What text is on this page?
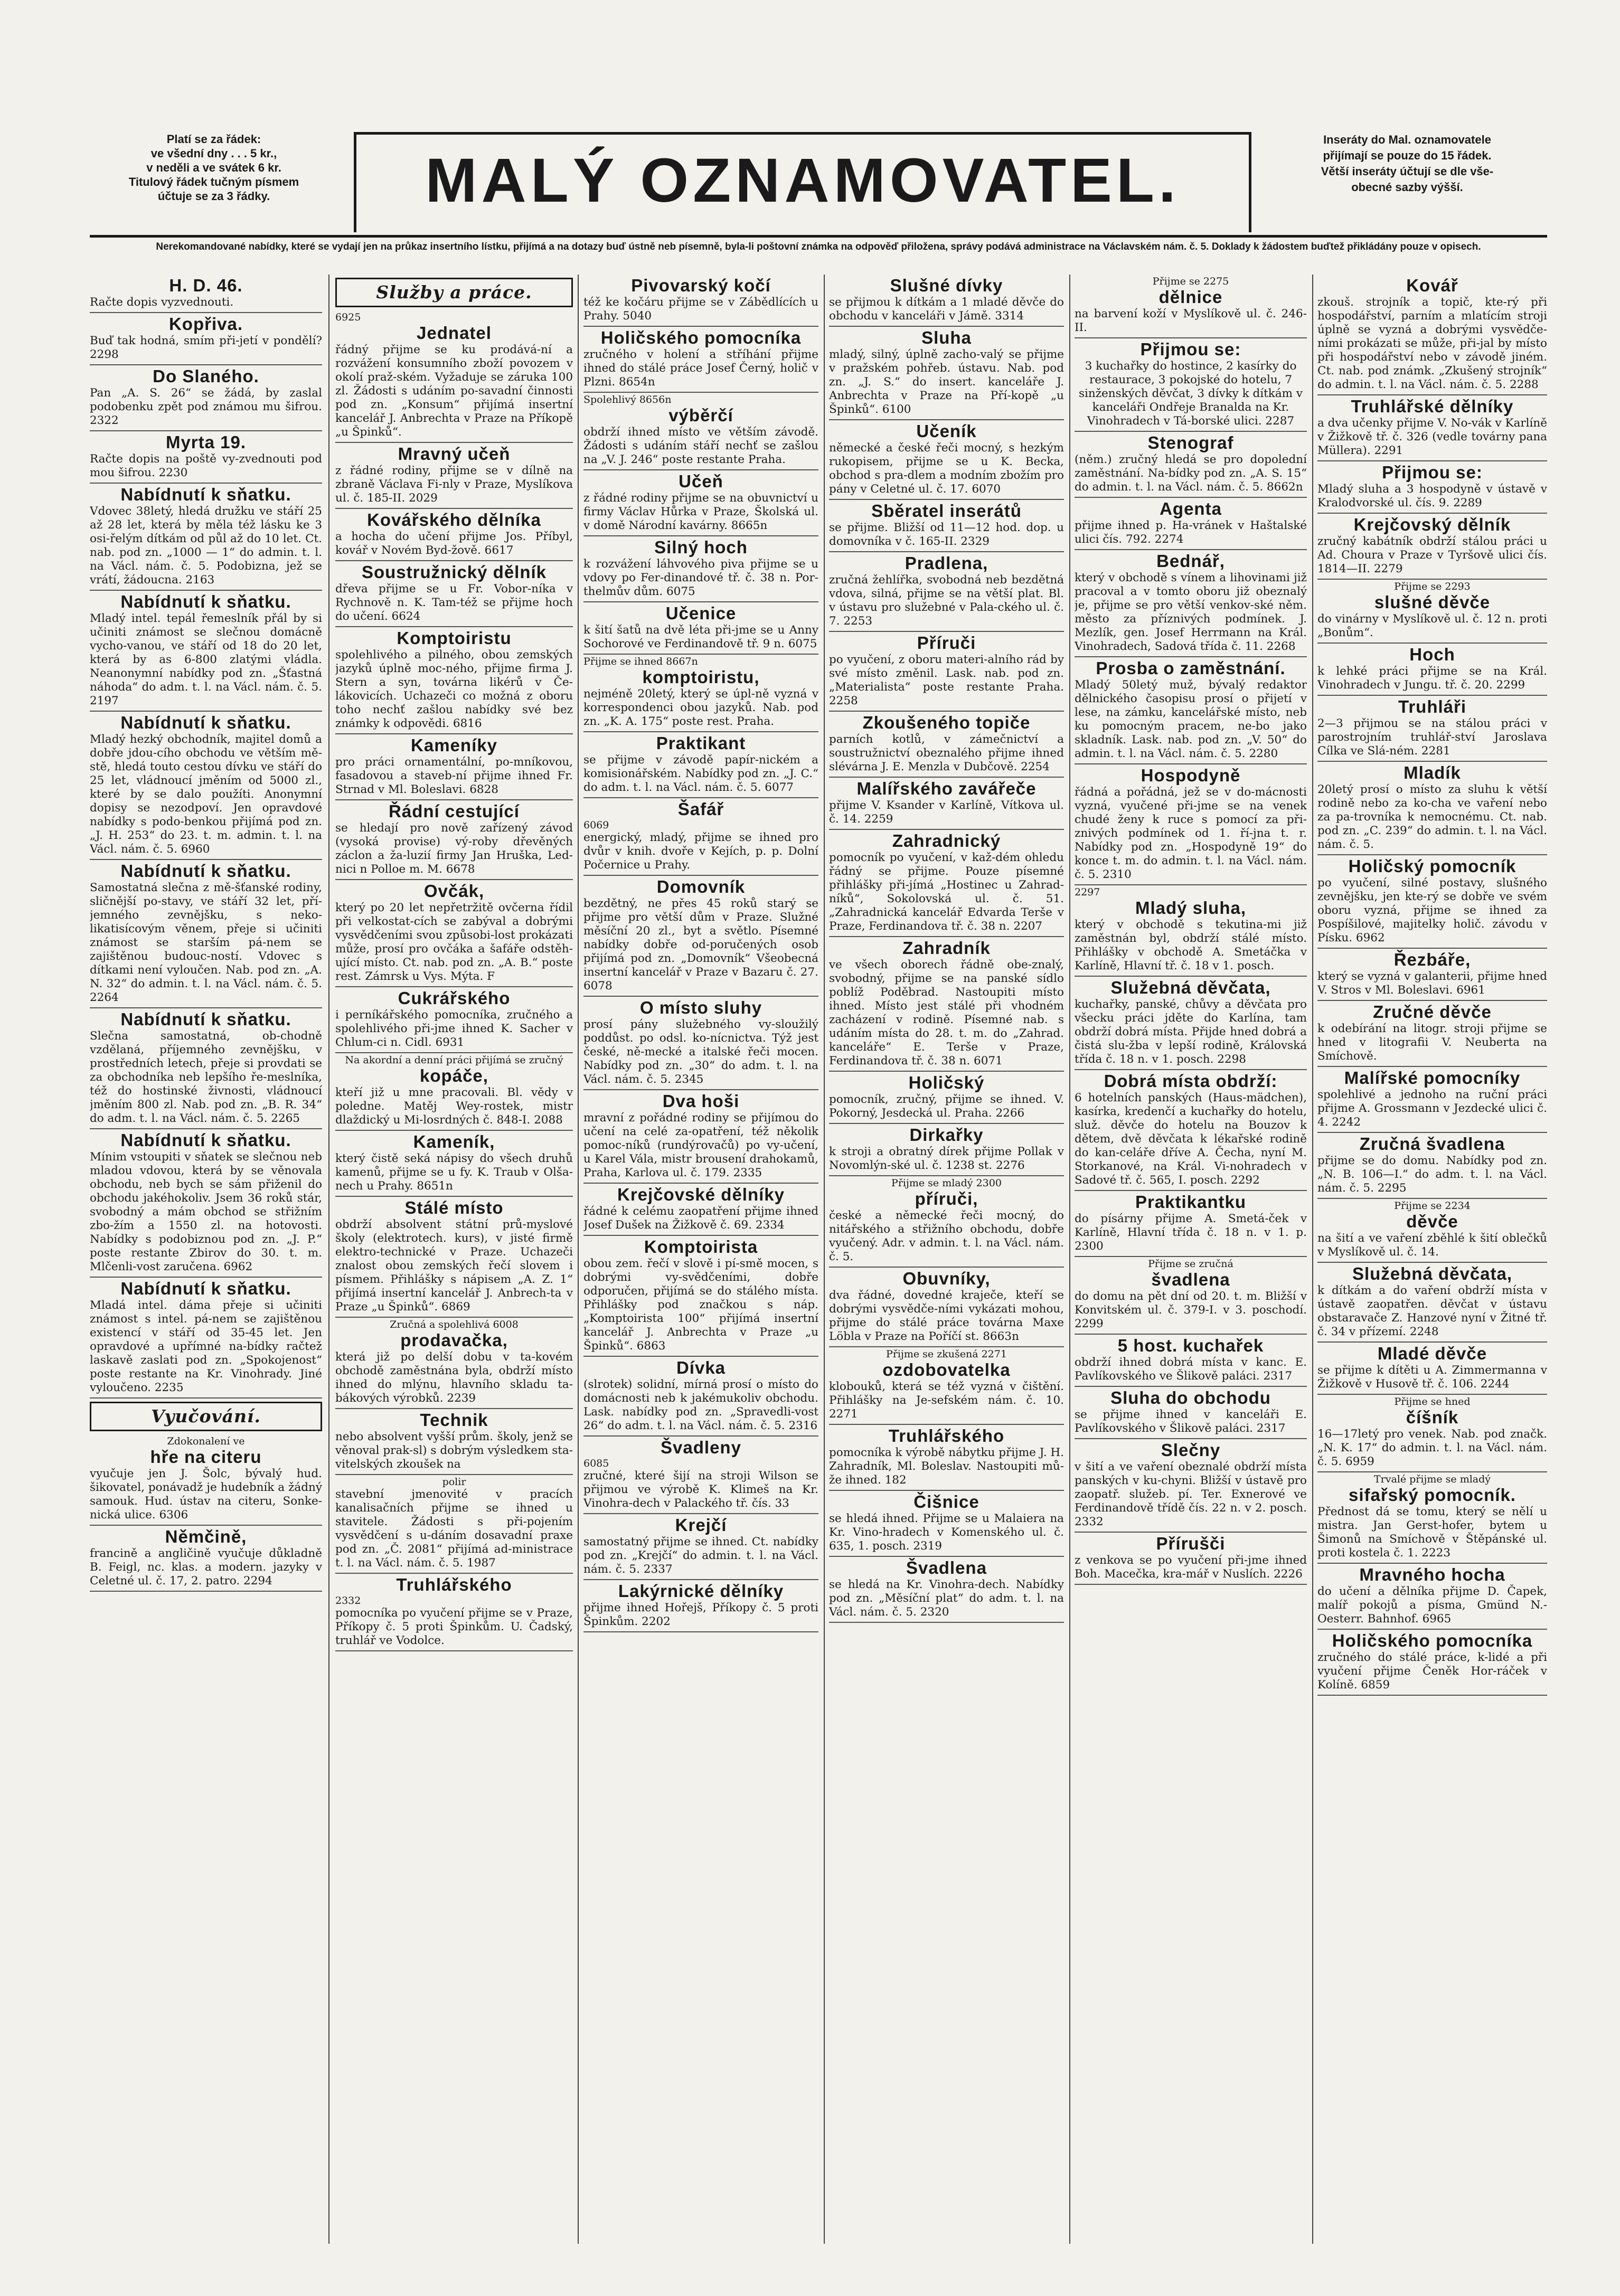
Platí se za řádek:
ve všední dny . . . 5 kr.,
v neděli a ve svátek 6 kr.
Titulový řádek tučným písmem
účtuje se za 3 řádky.	MALÝ OZNAMOVATEL.
Inseráty do Mal. oznamovatele
přijímají se pouze do 15 řádek.
Větší inseráty účtují se dle vše-
obecné sazby výšší.
Nerekomandované nabídky, které se vydají jen na průkaz insertního lístku, přijímá a na dotazy buď ústně neb písemně, byla-li poštovní známka na odpověď přiložena, správy podává administrace na Václavském nám. č. 5. Doklady k žádostem buďtež přikládány pouze v opisech.
H. D. 46.

Račte dopis vyzvednouti.

Kopřiva.

Buď tak hodná, smím při-jetí v pondělí? 2298

Do Slaného.

Pan „A. S. 26“ se žádá, by zaslal podobenku zpět pod známou mu šifrou. 2322

Myrta 19.

Račte dopis na poště vy-zvednouti pod mou šifrou. 2230

Nabídnutí k sňatku.

Vdovec 38letý, hledá družku ve stáří 25 až 28 let, která by měla též lásku ke 3 osi-řelým dítkám od půl až do 10 let. Ct. nab. pod zn. „1000 — 1“ do admin. t. l. na Václ. nám. č. 5. Podobizna, jež se vrátí, žádoucna. 2163

Nabídnutí k sňatku.

Mladý intel. tepál řemeslník přál by si učiniti známost se slečnou domácně vycho-vanou, ve stáří od 18 do 20 let, která by as 6-800 zlatými vládla. Neanonymní nabídky pod zn. „Šťastná náhoda“ do adm. t. l. na Václ. nám. č. 5. 2197

Nabídnutí k sňatku.

Mladý hezký obchodník, majitel domů a dobře jdou-cího obchodu ve větším mě-stě, hledá touto cestou dívku ve stáří do 25 let, vládnoucí jměním od 5000 zl., které by se dalo použíti. Anonymní dopisy se nezodpoví. Jen opravdové nabídky s podo-benkou přijímá pod zn. „J. H. 253“ do 23. t. m. admin. t. l. na Václ. nám. č. 5. 6960

Nabídnutí k sňatku.

Samostatná slečna z mě-šťanské rodiny, sličnější po-stavy, ve stáří 32 let, pří-jemného zevnějšku, s neko-likatisícovým věnem, přeje si učiniti známost se starším pá-nem se zajištěnou budouc-ností. Vdovec s dítkami není vyloučen. Nab. pod zn. „A. N. 32“ do admin. t. l. na Václ. nám. č. 5. 2264

Nabídnutí k sňatku.

Slečna samostatná, ob-chodně vzdělaná, příjemného zevnějšku, v prostředních letech, přeje si provdati se za obchodníka neb lepšího ře-meslníka, též do hostinské živnosti, vládnoucí jměním 800 zl. Nab. pod zn. „B. R. 34“ do adm. t. l. na Václ. nám. č. 5. 2265

Nabídnutí k sňatku.

Mínim vstoupiti v sňatek se slečnou neb mladou vdovou, která by se věnovala obchodu, neb bych se sám přiženil do obchodu jakéhokoliv. Jsem 36 roků stár, svobodný a mám obchod se střižním zbo-žím a 1550 zl. na hotovosti. Nabídky s podobiznou pod zn. „J. P.“ poste restante Zbirov do 30. t. m. Mlčenli-vost zaručena. 6962

Nabídnutí k sňatku.

Mladá intel. dáma přeje si učiniti známost s intel. pá-nem se zajištěnou existencí v stáří od 35-45 let. Jen opravdové a upřímné na-bídky račtež laskavě zaslati pod zn. „Spokojenost“ poste restante na Kr. Vinohrady. Jiné vyloučeno. 2235

Vyučování.

Zdokonalení ve

hře na citeru

vyučuje jen J. Šolc, bývalý hud. šikovatel, ponávadž je hudebník a žádný samouk. Hud. ústav na citeru, Sonke-nická ulice. 6306

Němčině,

francině a angličině vyučuje důkladně B. Feigl, nc. klas. a modern. jazyky v Celetné ul. č. 17, 2. patro. 2294

Služby a práce.

6925

Jednatel

řádný přijme se ku prodává-ní a rozvážení konsumního zboží povozem v okolí praž-ském. Vyžaduje se záruka 100 zl. Žádosti s udáním po-savadní činnosti pod zn. „Konsum“ přijímá insertní kancelář J. Anbrechta v Praze na Příkopě „u Špinků“.

Mravný učeň

z řádné rodiny, přijme se v dílně na zbraně Václava Fi-nly v Praze, Myslíkova ul. č. 185-II. 2029

Kovářského dělníka

a hocha do učení přijme Jos. Příbyl, kovář v Novém Byd-žově. 6617

Soustružnický dělník

dřeva přijme se u Fr. Vobor-níka v Rychnově n. K. Tam-též se přijme hoch do učení. 6624

Komptoiristu

spolehlivého a pilného, obou zemských jazyků úplně moc-ného, přijme firma J. Stern a syn, továrna likérů v Če-lákovicích. Uchazeči co možná z oboru toho nechť zašlou nabídky své bez známky k odpovědi. 6816

Kameníky

pro práci ornamentální, po-mníkovou, fasadovou a staveb-ní přijme ihned Fr. Strnad v Ml. Boleslavi. 6828

Řádní cestující

se hledají pro nově zařízený závod (vysoká provise) vý-roby dřevěných záclon a ža-luzií firmy Jan Hruška, Led-nici n Polloe m. M. 6678

Ovčák,

který po 20 let nepřetržitě ovčerna řídil při velkostat-cích se zabýval a dobrými vysvědčeními svou způsobi-lost prokázati může, prosí pro ovčáka a šafáře odstěh-ující místo. Ct. nab. pod zn. „A. B.“ poste rest. Zámrsk u Vys. Mýta. F

Cukrářského

i perníkářského pomocníka, zručného a spolehlivého při-jme ihned K. Sacher v Chlum-ci n. Cidl. 6931

Na akordní a denní práci přijímá se zručný

kopáče,

kteří již u mne pracovali. Bl. vědy v poledne. Matěj Wey-rostek, mistr dlaždický u Mi-losrdných č. 848-I. 2088

Kameník,

který čistě seká nápisy do všech druhů kamenů, přijme se u fy. K. Traub v Olša-nech u Prahy. 8651n

Stálé místo

obdrží absolvent státní prů-myslové školy (elektrotech. kurs), v jisté firmě elektro-technické v Praze. Uchazeči znalost obou zemských řečí slovem i písmem. Přihlášky s nápisem „A. Z. 1“ přijímá insertní kancelář J. Anbrech-ta v Praze „u Špinků“. 6869

Zručná a spolehlivá 6008

prodavačka,

která již po delší dobu v ta-kovém obchodě zaměstnána byla, obdrží místo ihned do mlýnu, hlavního skladu ta-bákových výrobků. 2239

Technik

nebo absolvent vyšší prům. školy, jenž se věnoval prak-sl) s dobrým výsledkem sta-vitelských zkoušek na

polir

stavební jmenovité v pracích kanalisačních přijme se ihned u stavitele. Žádosti s při-pojením vysvědčení s u-dáním dosavadní praxe pod zn. „Č. 2081“ přijímá ad-ministrace t. l. na Václ. nám. č. 5. 1987

Truhlářského

2332

pomocníka po vyučení přijme se v Praze, Příkopy č. 5 proti Špinkům. U. Čadský, truhlář ve Vodolce.

Pivovarský kočí

též ke kočáru přijme se v Zábědlících u Prahy. 5040

Holičského pomocníka

zručného v holení a stříhání přijme ihned do stálé práce Josef Černý, holič v Plzni. 8654n

Spolehlivý 8656n

výběrčí

obdrží ihned místo ve větším závodě. Žádosti s udáním stáří nechť se zašlou na „V. J. 246“ poste restante Praha.

Učeň

z řádné rodiny přijme se na obuvnictví u firmy Václav Hůrka v Praze, Školská ul. v domě Národní kavárny. 8665n

Silný hoch

k rozvážení láhvového piva přijme se u vdovy po Fer-dinandové tř. č. 38 n. Por-thelmův dům. 6075

Učenice

k šití šatů na dvě léta při-jme se u Anny Sochorové ve Ferdinandově tř. 9 n. 6075

Přijme se ihned 8667n

komptoiristu,

nejméně 20letý, který se úpl-ně vyzná v korrespondenci obou jazyků. Nab. pod zn. „K. A. 175“ poste rest. Praha.

Praktikant

se přijme v závodě papír-nickém a komisionářském. Nabídky pod zn. „J. C.“ do adm. t. l. na Václ. nám. č. 5. 6077

Šafář

6069

energický, mladý, přijme se ihned pro dvůr v knih. dvoře v Kejích, p. p. Dolní Počernice u Prahy.

Domovník

bezdětný, ne přes 45 roků starý se přijme pro větší dům v Praze. Služné měsíční 20 zl., byt a světlo. Písemné nabídky dobře od-poručených osob přijímá pod zn. „Domovník“ Všeobecná insertní kancelář v Praze v Bazaru č. 27. 6078

O místo sluhy

prosí pány služebného vy-sloužilý poddůst. po odsl. ko-nícnictva. Týž jest české, ně-mecké a italské řeči mocen. Nabídky pod zn. „30“ do adm. t. l. na Václ. nám. č. 5. 2345

Dva hoši

mravní z pořádné rodiny se přijímou do učení na celé za-opatření, též několik pomoc-níků (rundýrovačů) po vy-učení, u Karel Vála, mistr brousení drahokamů, Praha, Karlova ul. č. 179. 2335

Krejčovské dělníky

řádné k celému zaopatření přijme ihned Josef Dušek na Žižkově č. 69. 2334

Komptoirista

obou zem. řečí v slově i pí-smě mocen, s dobrými vy-svědčeními, dobře odporučen, přijímá se do stálého místa. Přihlášky pod značkou s náp. „Komptoirista 100“ přijímá insertní kancelář J. Anbrechta v Praze „u Špinků“. 6863

Dívka

(slrotek) solidní, mírná prosí o místo do domácnosti neb k jakémukoliv obchodu. Lask. nabídky pod zn. „Spravedli-vost 26“ do adm. t. l. na Václ. nám. č. 5. 2316

Švadleny

6085

zručné, které šijí na stroji Wilson se přijmou ve výrobě K. Klimeš na Kr. Vinohra-dech v Palackého tř. čís. 33

Krejčí

samostatný přijme se ihned. Ct. nabídky pod zn. „Krejčí“ do admin. t. l. na Václ. nám. č. 5. 2337

Lakýrnické dělníky

přijme ihned Hořejš, Příkopy č. 5 proti Špinkům. 2202

Slušné dívky

se přijmou k dítkám a 1 mladé děvče do obchodu v kanceláři v Jámě. 3314

Sluha

mladý, silný, úplně zacho-valý se přijme v pražském pohřeb. ústavu. Nab. pod zn. „J. S.“ do insert. kanceláře J. Anbrechta v Praze na Pří-kopě „u Špinků“. 6100

Učeník

německé a české řeči mocný, s hezkým rukopisem, přijme se u K. Becka, obchod s pra-dlem a modním zbožím pro pány v Celetné ul. č. 17. 6070

Sběratel inserátů

se přijme. Bližší od 11—12 hod. dop. u domovníka v č. 165-II. 2329

Pradlena,

zručná žehlířka, svobodná neb bezdětná vdova, silná, přijme se na větší plat. Bl. v ústavu pro služebné v Pala-ckého ul. č. 7. 2253

Příruči

po vyučení, z oboru materi-alního rád by své místo změnil. Lask. nab. pod zn. „Materialista“ poste restante Praha. 2258

Zkoušeného topiče

parních kotlů, v zámečnictví a soustružnictví obeznalého přijme ihned slévárna J. E. Menzla v Dubčově. 2254

Malířského zavářeče

přijme V. Ksander v Karlíně, Vítkova ul. č. 14. 2259

Zahradnický

pomocník po vyučení, v kaž-dém ohledu řádný se přijme. Pouze písemné přihlášky při-jímá „Hostinec u Zahrad-níků“, Sokolovská ul. č. 51. „Zahradnická kancelář Edvarda Terše v Praze, Ferdinandova tř. č. 38 n. 2207

Zahradník

ve všech oborech řádně obe-znalý, svobodný, přijme se na panské sídlo poblíž Poděbrad. Nastoupiti místo ihned. Místo jest stálé při vhodném zacházení v rodině. Písemné nab. s udáním místa do 28. t. m. do „Zahrad. kanceláře“ E. Terše v Praze, Ferdinandova tř. č. 38 n. 6071

Holičský

pomocník, zručný, přijme se ihned. V. Pokorný, Jesdecká ul. Praha. 2266

Dirkařky

k stroji a obratný dírek přijme Pollak v Novomlýn-ské ul. č. 1238 st. 2276

Přijme se mladý 2300

příruči,

české a německé řeči mocný, do nitářského a střižního obchodu, dobře vyučený. Adr. v admin. t. l. na Václ. nám. č. 5.

Obuvníky,

dva řádné, dovedné kraječe, kteří se dobrými vysvědče-ními vykázati mohou, přijme do stálé práce továrna Maxe Löbla v Praze na Poříčí st. 8663n

Přijme se zkušená 2271

ozdobovatelka

klobouků, která se též vyzná v čištění. Přihlášky na Je-sefském nám. č. 10. 2271

Truhlářského

pomocníka k výrobě nábytku přijme J. H. Zahradník, Ml. Boleslav. Nastoupiti mů-že ihned. 182

Čišnice

se hledá ihned. Přijme se u Malaiera na Kr. Vino-hradech v Komenského ul. č. 635, 1. posch. 2319

Švadlena

se hledá na Kr. Vinohra-dech. Nabídky pod zn. „Měsíční plat“ do adm. t. l. na Václ. nám. č. 5. 2320

Přijme se 2275

dělnice

na barvení koží v Myslíkově ul. č. 246-II.

Přijmou se:

3 kuchařky do hostince, 2 kasírky do restaurace, 3 pokojské do hotelu, 7 sinženských děvčat, 3 dívky k dítkám v kanceláři Ondřeje Branalda na Kr. Vinohradech v Tá-borské ulici. 2287

Stenograf

(něm.) zručný hledá se pro dopolední zaměstnání. Na-bídky pod zn. „A. S. 15“ do admin. t. l. na Václ. nám. č. 5. 8662n

Agenta

přijme ihned p. Ha-vránek v Haštalské ulici čís. 792. 2274

Bednář,

který v obchodě s vínem a lihovinami již pracoval a v tomto oboru již obeznalý je, přijme se pro větší venkov-ské něm. město za příznivých podmínek. J. Mezlík, gen. Josef Herrmann na Král. Vinohradech, Sadová třída č. 11. 2268

Prosba o zaměstnání.

Mladý 50letý muž, bývalý redaktor dělnického časopisu prosí o přijetí v lese, na zámku, kancelářské místo, neb ku pomocným pracem, ne-bo jako skladník. Lask. nab. pod zn. „V. 50“ do admin. t. l. na Václ. nám. č. 5. 2280

Hospodyně

řádná a pořádná, jež se v do-mácnosti vyzná, vyučené při-jme se na venek chudé ženy k ruce s pomocí za při-znivých podmínek od 1. ří-jna t. r. Nabídky pod zn. „Hospodyně 19“ do konce t. m. do admin. t. l. na Václ. nám. č. 5. 2310

2297

Mladý sluha,

který v obchodě s tekutina-mi již zaměstnán byl, obdrží stálé místo. Přihlášky v obchodě A. Smetáčka v Karlíně, Hlavní tř. č. 18 v 1. posch.

Služebná děvčata,

kuchařky, panské, chůvy a děvčata pro všecku práci jděte do Karlína, tam obdrží dobrá místa. Přijde hned dobrá a čistá slu-žba v lepší rodině, Královská třída č. 18 n. v 1. posch. 2298

Dobrá místa obdrží:

6 hotelních panských (Haus-mädchen), kasírka, kredenčí a kuchařky do hotelu, služ. děvče do hotelu na Bouzov k dětem, dvě děvčata k lékařské rodině do kan-celáře dříve A. Čecha, nyní M. Storkanové, na Král. Vi-nohradech v Sadové tř. č. 565, I. posch. 2292

Praktikantku

do písárny přijme A. Smetá-ček v Karlíně, Hlavní třída č. 18 n. v 1. p. 2300

Přijme se zručná

švadlena

do domu na pět dní od 20. t. m. Bližší v Konvitském ul. č. 379-I. v 3. poschodí. 2299

5 host. kuchařek

obdrží ihned dobrá místa v kanc. E. Pavlíkovského ve Šlikově paláci. 2317

Sluha do obchodu

se přijme ihned v kanceláři E. Pavlíkovského v Šlikově paláci. 2317

Slečny

v šití a ve vaření obeznalé obdrží místa panských v ku-chyni. Bližší v ústavě pro zaopatř. služeb. pí. Ter. Exnerové ve Ferdinandově třídě čís. 22 n. v 2. posch. 2332

Přírušči

z venkova se po vyučení při-jme ihned Boh. Macečka, kra-mář v Nuslích. 2226

Kovář

zkouš. strojník a topič, kte-rý při hospodářství, parním a mlatícím stroji úplně se vyzná a dobrými vysvědče-ními prokázati se může, při-jal by místo při hospodářství nebo v závodě jiném. Ct. nab. pod známk. „Zkušený strojník“ do admin. t. l. na Václ. nám. č. 5. 2288

Truhlářské dělníky

a dva učenky přijme V. No-vák v Karlíně v Žižkově tř. č. 326 (vedle továrny pana Müllera). 2291

Přijmou se:

Mladý sluha a 3 hospodyně v ústavě v Kralodvorské ul. čís. 9. 2289

Krejčovský dělník

zručný kabátník obdrží stálou práci u Ad. Choura v Praze v Tyršově ulici čís. 1814—II. 2279

Přijme se 2293

slušné děvče

do vinárny v Myslíkově ul. č. 12 n. proti „Bonům“.

Hoch

k lehké práci přijme se na Král. Vinohradech v Jungu. tř. č. 20. 2299

Truhláři

2—3 přijmou se na stálou práci v parostrojním truhlář-ství Jaroslava Cílka ve Slá-ném. 2281

Mladík

20letý prosí o místo za sluhu k větší rodině nebo za ko-cha ve vaření nebo za pa-trovníka k nemocnému. Ct. nab. pod zn. „C. 239“ do admin. t. l. na Václ. nám. č. 5.

Holičský pomocník

po vyučení, silné postavy, slušného zevnějšku, jen kte-rý se dobře ve svém oboru vyzná, přijme se ihned za Pospíšilové, majitelky holič. závodu v Písku. 6962

Řezbáře,

který se vyzná v galanterii, přijme hned V. Stros v Ml. Boleslavi. 6961

Zručné děvče

k odebírání na litogr. stroji přijme se hned v litografii V. Neuberta na Smíchově.

Malířské pomocníky

spolehlivé a jednoho na ruční práci přijme A. Grossmann v Jezdecké ulici č. 4. 2242

Zručná švadlena

přijme se do domu. Nabídky pod zn. „N. B. 106—I.“ do adm. t. l. na Václ. nám. č. 5. 2295

Přijme se 2234

děvče

na šití a ve vaření zběhlé k šití oblečků v Myslíkově ul. č. 14.

Služebná děvčata,

k dítkám a do vaření obdrží místa v ústavě zaopatřen. děvčat v ústavu obstaravače Z. Hanzové nyní v Žitné tř. č. 34 v přízemí. 2248

Mladé děvče

se přijme k dítěti u A. Zimmermanna v Žižkově v Husově tř. č. 106. 2244

Přijme se hned

číšník

16—17letý pro venek. Nab. pod značk. „N. K. 17“ do admin. t. l. na Václ. nám. č. 5. 6959

Trvalé přijme se mladý

sifařský pomocník.

Přednost dá se tomu, který se nělí u mistra. Jan Gerst-hofer, bytem u Šimonů na Smíchově v Štěpánské ul. proti kostela č. 1. 2223

Mravného hocha

do učení a dělníka přijme D. Čapek, malíř pokojů a písma, Gmünd N.-Oesterr. Bahnhof. 6965

Holičského pomocníka

zručného do stálé práce, k-lidé a při vyučení přijme Čeněk Hor-ráček v Kolíně. 6859
